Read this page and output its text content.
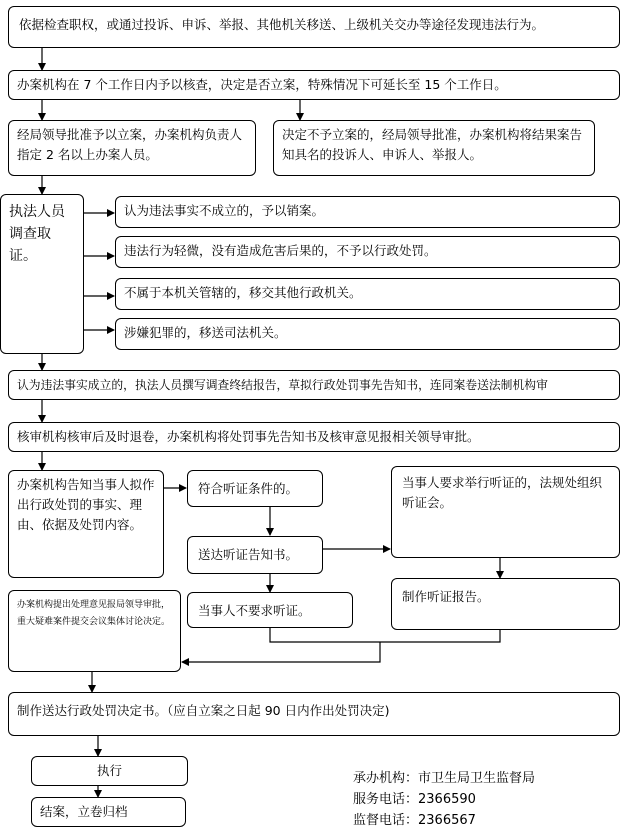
依据检查职权，或通过投诉、申诉、举报、其他机关移送、上级机关交办等途径发现违法行为。
办案机构在 7 个工作日内予以核查，决定是否立案，特殊情况下可延长至 15 个工作日。
经局领导批准予以立案，办案机构负责人指定 2 名以上办案人员。
决定不予立案的，经局领导批准，办案机构将结果案告知具名的投诉人、申诉人、举报人。
执法人员调查取证。
认为违法事实不成立的，予以销案。
违法行为轻微，没有造成危害后果的，不予以行政处罚。
不属于本机关管辖的，移交其他行政机关。
涉嫌犯罪的，移送司法机关。
认为违法事实成立的，执法人员撰写调查终结报告，草拟行政处罚事先告知书，连同案卷送法制机构审
核审机构核审后及时退卷，办案机构将处罚事先告知书及核审意见报相关领导审批。
办案机构告知当事人拟作出行政处罚的事实、理由、依据及处罚内容。
符合听证条件的。
送达听证告知书。
当事人要求举行听证的，法规处组织听证会。
制作听证报告。
当事人不要求听证。
办案机构提出处理意见报局领导审批，重大疑难案件提交会议集体讨论决定。
制作送达行政处罚决定书。（应自立案之日起 90 日内作出处罚决定)
执行
结案，立卷归档
承办机构：市卫生局卫生监督局
服务电话：2366590
监督电话：2366567
